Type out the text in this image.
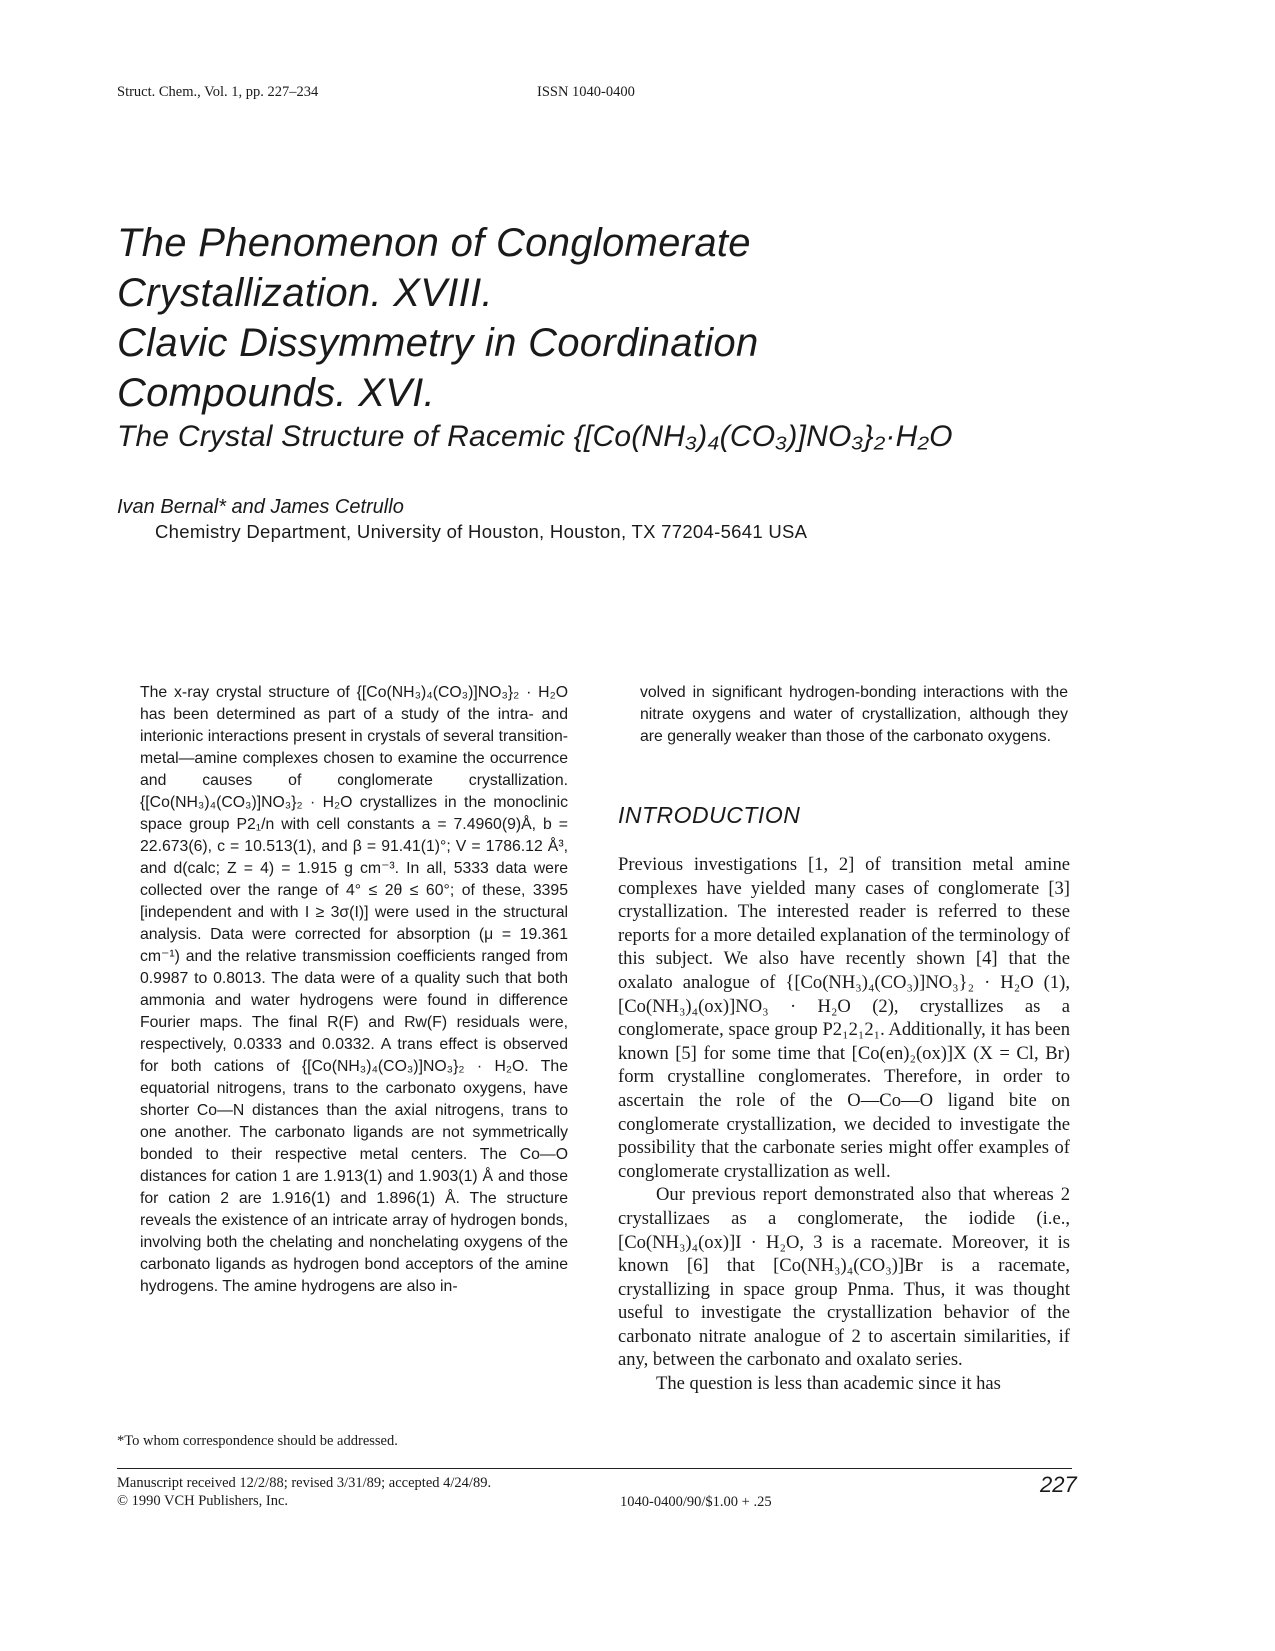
Struct. Chem., Vol. 1, pp. 227–234	ISSN 1040-0400
The Phenomenon of Conglomerate
Crystallization. XVIII.
Clavic Dissymmetry in Coordination
Compounds. XVI.
The Crystal Structure of Racemic {[Co(NH₃)₄(CO₃)]NO₃}₂·H₂O
Ivan Bernal* and James Cetrullo
Chemistry Department, University of Houston, Houston, TX 77204-5641 USA
The x-ray crystal structure of {[Co(NH₃)₄(CO₃)]NO₃}₂ · H₂O has been determined as part of a study of the intra- and interionic interactions present in crystals of several transition-metal—amine complexes chosen to examine the occurrence and causes of conglomerate crystallization. {[Co(NH₃)₄(CO₃)]NO₃}₂ · H₂O crystallizes in the monoclinic space group P2₁/n with cell constants a = 7.4960(9)Å, b = 22.673(6), c = 10.513(1), and β = 91.41(1)°; V = 1786.12 Å³, and d(calc; Z = 4) = 1.915 g cm⁻³. In all, 5333 data were collected over the range of 4° ≤ 2θ ≤ 60°; of these, 3395 [independent and with I ≥ 3σ(I)] were used in the structural analysis. Data were corrected for absorption (μ = 19.361 cm⁻¹) and the relative transmission coefficients ranged from 0.9987 to 0.8013. The data were of a quality such that both ammonia and water hydrogens were found in difference Fourier maps. The final R(F) and Rw(F) residuals were, respectively, 0.0333 and 0.0332. A trans effect is observed for both cations of {[Co(NH₃)₄(CO₃)]NO₃}₂ · H₂O. The equatorial nitrogens, trans to the carbonato oxygens, have shorter Co—N distances than the axial nitrogens, trans to one another. The carbonato ligands are not symmetrically bonded to their respective metal centers. The Co—O distances for cation 1 are 1.913(1) and 1.903(1) Å and those for cation 2 are 1.916(1) and 1.896(1) Å. The structure reveals the existence of an intricate array of hydrogen bonds, involving both the chelating and nonchelating oxygens of the carbonato ligands as hydrogen bond acceptors of the amine hydrogens. The amine hydrogens are also in-
volved in significant hydrogen-bonding interactions with the nitrate oxygens and water of crystallization, although they are generally weaker than those of the carbonato oxygens.
INTRODUCTION

Previous investigations [1, 2] of transition metal amine complexes have yielded many cases of conglomerate [3] crystallization. The interested reader is referred to these reports for a more detailed explanation of the terminology of this subject. We also have recently shown [4] that the oxalato analogue of {[Co(NH₃)₄(CO₃)]NO₃}₂ · H₂O (1), [Co(NH₃)₄(ox)]NO₃ · H₂O (2), crystallizes as a conglomerate, space group P2₁2₁2₁. Additionally, it has been known [5] for some time that [Co(en)₂(ox)]X (X = Cl, Br) form crystalline conglomerates. Therefore, in order to ascertain the role of the O—Co—O ligand bite on conglomerate crystallization, we decided to investigate the possibility that the carbonate series might offer examples of conglomerate crystallization as well.

Our previous report demonstrated also that whereas 2 crystallizaes as a conglomerate, the iodide (i.e., [Co(NH₃)₄(ox)]I · H₂O, 3 is a racemate. Moreover, it is known [6] that [Co(NH₃)₄(CO₃)]Br is a racemate, crystallizing in space group Pnma. Thus, it was thought useful to investigate the crystallization behavior of the carbonato nitrate analogue of 2 to ascertain similarities, if any, between the carbonato and oxalato series.

The question is less than academic since it has

*To whom correspondence should be addressed.
Manuscript received 12/2/88; revised 3/31/89; accepted 4/24/89.
© 1990 VCH Publishers, Inc.	1040-0400/90/$1.00 + .25
227
